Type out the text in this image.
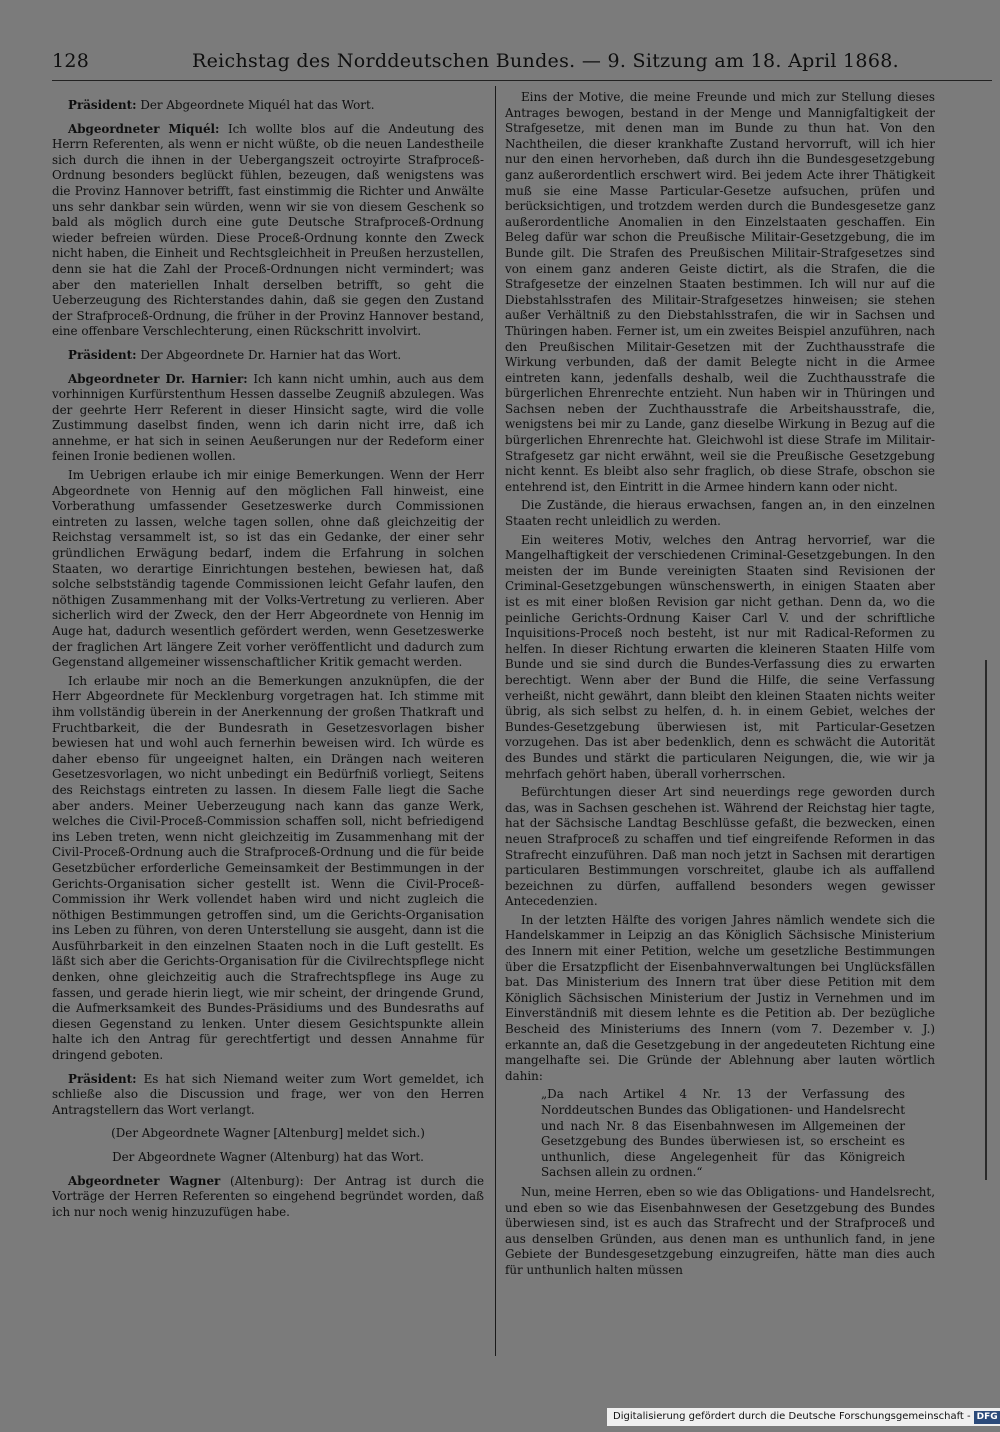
128	Reichstag des Norddeutschen Bundes. — 9. Sitzung am 18. April 1868.

Präsident: Der Abgeordnete Miquél hat das Wort.

Abgeordneter Miquél: Ich wollte blos auf die Andeutung des Herrn Referenten, als wenn er nicht wüßte, ob die neuen Landestheile sich durch die ihnen in der Uebergangszeit octroyirte Strafproceß-Ordnung besonders beglückt fühlen, bezeugen, daß wenigstens was die Provinz Hannover betrifft, fast einstimmig die Richter und Anwälte uns sehr dankbar sein würden, wenn wir sie von diesem Geschenk so bald als möglich durch eine gute Deutsche Strafproceß-Ordnung wieder befreien würden. Diese Proceß-Ordnung konnte den Zweck nicht haben, die Einheit und Rechtsgleichheit in Preußen herzustellen, denn sie hat die Zahl der Proceß-Ordnungen nicht vermindert; was aber den materiellen Inhalt derselben betrifft, so geht die Ueberzeugung des Richterstandes dahin, daß sie gegen den Zustand der Strafproceß-Ordnung, die früher in der Provinz Hannover bestand, eine offenbare Verschlechterung, einen Rückschritt involvirt.

Präsident: Der Abgeordnete Dr. Harnier hat das Wort.

Abgeordneter Dr. Harnier: Ich kann nicht umhin, auch aus dem vorhinnigen Kurfürstenthum Hessen dasselbe Zeugniß abzulegen. Was der geehrte Herr Referent in dieser Hinsicht sagte, wird die volle Zustimmung daselbst finden, wenn ich darin nicht irre, daß ich annehme, er hat sich in seinen Aeußerungen nur der Redeform einer feinen Ironie bedienen wollen.

Im Uebrigen erlaube ich mir einige Bemerkungen. Wenn der Herr Abgeordnete von Hennig auf den möglichen Fall hinweist, eine Vorberathung umfassender Gesetzeswerke durch Commissionen eintreten zu lassen, welche tagen sollen, ohne daß gleichzeitig der Reichstag versammelt ist, so ist das ein Gedanke, der einer sehr gründlichen Erwägung bedarf, indem die Erfahrung in solchen Staaten, wo derartige Einrichtungen bestehen, bewiesen hat, daß solche selbstständig tagende Commissionen leicht Gefahr laufen, den nöthigen Zusammenhang mit der Volks-Vertretung zu verlieren. Aber sicherlich wird der Zweck, den der Herr Abgeordnete von Hennig im Auge hat, dadurch wesentlich gefördert werden, wenn Gesetzeswerke der fraglichen Art längere Zeit vorher veröffentlicht und dadurch zum Gegenstand allgemeiner wissenschaftlicher Kritik gemacht werden.

Ich erlaube mir noch an die Bemerkungen anzuknüpfen, die der Herr Abgeordnete für Mecklenburg vorgetragen hat. Ich stimme mit ihm vollständig überein in der Anerkennung der großen Thatkraft und Fruchtbarkeit, die der Bundesrath in Gesetzesvorlagen bisher bewiesen hat und wohl auch fernerhin beweisen wird. Ich würde es daher ebenso für ungeeignet halten, ein Drängen nach weiteren Gesetzesvorlagen, wo nicht unbedingt ein Bedürfniß vorliegt, Seitens des Reichstags eintreten zu lassen. In diesem Falle liegt die Sache aber anders. Meiner Ueberzeugung nach kann das ganze Werk, welches die Civil-Proceß-Commission schaffen soll, nicht befriedigend ins Leben treten, wenn nicht gleichzeitig im Zusammenhang mit der Civil-Proceß-Ordnung auch die Strafproceß-Ordnung und die für beide Gesetzbücher erforderliche Gemeinsamkeit der Bestimmungen in der Gerichts-Organisation sicher gestellt ist. Wenn die Civil-Proceß-Commission ihr Werk vollendet haben wird und nicht zugleich die nöthigen Bestimmungen getroffen sind, um die Gerichts-Organisation ins Leben zu führen, von deren Unterstellung sie ausgeht, dann ist die Ausführbarkeit in den einzelnen Staaten noch in die Luft gestellt. Es läßt sich aber die Gerichts-Organisation für die Civilrechtspflege nicht denken, ohne gleichzeitig auch die Strafrechtspflege ins Auge zu fassen, und gerade hierin liegt, wie mir scheint, der dringende Grund, die Aufmerksamkeit des Bundes-Präsidiums und des Bundesraths auf diesen Gegenstand zu lenken. Unter diesem Gesichtspunkte allein halte ich den Antrag für gerechtfertigt und dessen Annahme für dringend geboten.

Präsident: Es hat sich Niemand weiter zum Wort gemeldet, ich schließe also die Discussion und frage, wer von den Herren Antragstellern das Wort verlangt.

(Der Abgeordnete Wagner [Altenburg] meldet sich.)

Der Abgeordnete Wagner (Altenburg) hat das Wort.

Abgeordneter Wagner (Altenburg): Der Antrag ist durch die Vorträge der Herren Referenten so eingehend begründet worden, daß ich nur noch wenig hinzuzufügen habe.

Eins der Motive, die meine Freunde und mich zur Stellung dieses Antrages bewogen, bestand in der Menge und Mannigfaltigkeit der Strafgesetze, mit denen man im Bunde zu thun hat. Von den Nachtheilen, die dieser krankhafte Zustand hervorruft, will ich hier nur den einen hervorheben, daß durch ihn die Bundesgesetzgebung ganz außerordentlich erschwert wird. Bei jedem Acte ihrer Thätigkeit muß sie eine Masse Particular-Gesetze aufsuchen, prüfen und berücksichtigen, und trotzdem werden durch die Bundesgesetze ganz außerordentliche Anomalien in den Einzelstaaten geschaffen. Ein Beleg dafür war schon die Preußische Militair-Gesetzgebung, die im Bunde gilt. Die Strafen des Preußischen Militair-Strafgesetzes sind von einem ganz anderen Geiste dictirt, als die Strafen, die die Strafgesetze der einzelnen Staaten bestimmen. Ich will nur auf die Diebstahlsstrafen des Militair-Strafgesetzes hinweisen; sie stehen außer Verhältniß zu den Diebstahlsstrafen, die wir in Sachsen und Thüringen haben. Ferner ist, um ein zweites Beispiel anzuführen, nach den Preußischen Militair-Gesetzen mit der Zuchthausstrafe die Wirkung verbunden, daß der damit Belegte nicht in die Armee eintreten kann, jedenfalls deshalb, weil die Zuchthausstrafe die bürgerlichen Ehrenrechte entzieht. Nun haben wir in Thüringen und Sachsen neben der Zuchthausstrafe die Arbeitshausstrafe, die, wenigstens bei mir zu Lande, ganz dieselbe Wirkung in Bezug auf die bürgerlichen Ehrenrechte hat. Gleichwohl ist diese Strafe im Militair-Strafgesetz gar nicht erwähnt, weil sie die Preußische Gesetzgebung nicht kennt. Es bleibt also sehr fraglich, ob diese Strafe, obschon sie entehrend ist, den Eintritt in die Armee hindern kann oder nicht.

Die Zustände, die hieraus erwachsen, fangen an, in den einzelnen Staaten recht unleidlich zu werden.

Ein weiteres Motiv, welches den Antrag hervorrief, war die Mangelhaftigkeit der verschiedenen Criminal-Gesetzgebungen. In den meisten der im Bunde vereinigten Staaten sind Revisionen der Criminal-Gesetzgebungen wünschenswerth, in einigen Staaten aber ist es mit einer bloßen Revision gar nicht gethan. Denn da, wo die peinliche Gerichts-Ordnung Kaiser Carl V. und der schriftliche Inquisitions-Proceß noch besteht, ist nur mit Radical-Reformen zu helfen. In dieser Richtung erwarten die kleineren Staaten Hilfe vom Bunde und sie sind durch die Bundes-Verfassung dies zu erwarten berechtigt. Wenn aber der Bund die Hilfe, die seine Verfassung verheißt, nicht gewährt, dann bleibt den kleinen Staaten nichts weiter übrig, als sich selbst zu helfen, d. h. in einem Gebiet, welches der Bundes-Gesetzgebung überwiesen ist, mit Particular-Gesetzen vorzugehen. Das ist aber bedenklich, denn es schwächt die Autorität des Bundes und stärkt die particularen Neigungen, die, wie wir ja mehrfach gehört haben, überall vorherrschen.

Befürchtungen dieser Art sind neuerdings rege geworden durch das, was in Sachsen geschehen ist. Während der Reichstag hier tagte, hat der Sächsische Landtag Beschlüsse gefaßt, die bezwecken, einen neuen Strafproceß zu schaffen und tief eingreifende Reformen in das Strafrecht einzuführen. Daß man noch jetzt in Sachsen mit derartigen particularen Bestimmungen vorschreitet, glaube ich als auffallend bezeichnen zu dürfen, auffallend besonders wegen gewisser Antecedenzien.

In der letzten Hälfte des vorigen Jahres nämlich wendete sich die Handelskammer in Leipzig an das Königlich Sächsische Ministerium des Innern mit einer Petition, welche um gesetzliche Bestimmungen über die Ersatzpflicht der Eisenbahnverwaltungen bei Unglücksfällen bat. Das Ministerium des Innern trat über diese Petition mit dem Königlich Sächsischen Ministerium der Justiz in Vernehmen und im Einverständniß mit diesem lehnte es die Petition ab. Der bezügliche Bescheid des Ministeriums des Innern (vom 7. Dezember v. J.) erkannte an, daß die Gesetzgebung in der angedeuteten Richtung eine mangelhafte sei. Die Gründe der Ablehnung aber lauten wörtlich dahin:

„Da nach Artikel 4 Nr. 13 der Verfassung des Norddeutschen Bundes das Obligationen- und Handelsrecht und nach Nr. 8 das Eisenbahnwesen im Allgemeinen der Gesetzgebung des Bundes überwiesen ist, so erscheint es unthunlich, diese Angelegenheit für das Königreich Sachsen allein zu ordnen.“

Nun, meine Herren, eben so wie das Obligations- und Handelsrecht, und eben so wie das Eisenbahnwesen der Gesetzgebung des Bundes überwiesen sind, ist es auch das Strafrecht und der Strafproceß und aus denselben Gründen, aus denen man es unthunlich fand, in jene Gebiete der Bundesgesetzgebung einzugreifen, hätte man dies auch für unthunlich halten müssen

Digitalisierung gefördert durch die Deutsche Forschungsgemeinschaft - DFG
